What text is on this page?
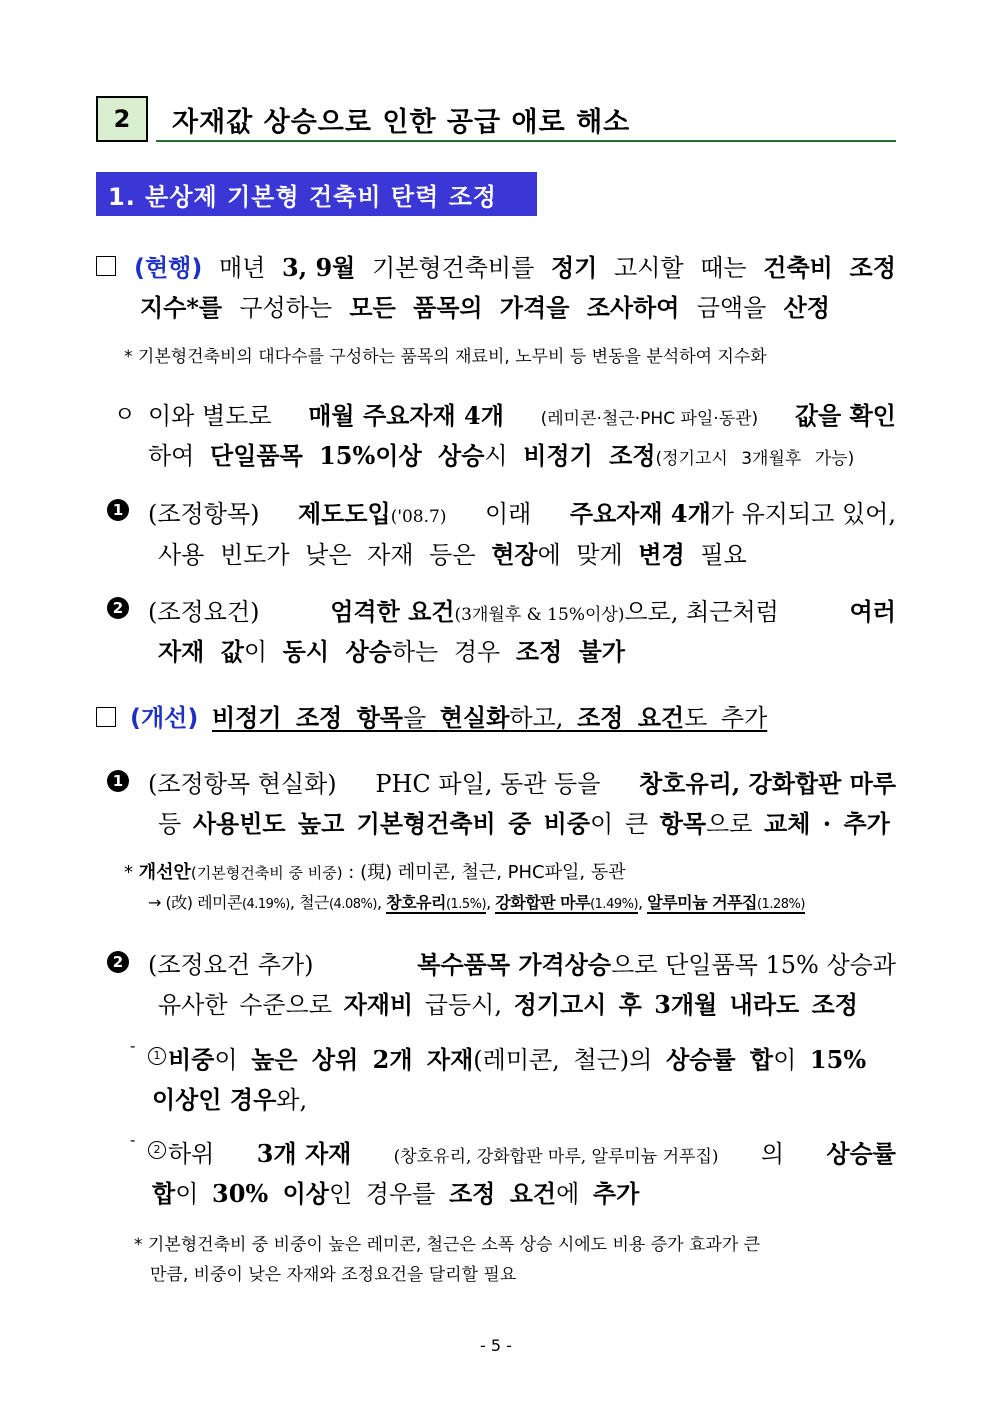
2 자재값 상승으로 인한 공급 애로 해소
1. 분상제 기본형 건축비 탄력 조정
(현행) 매년 3, 9월 기본형건축비를 정기 고시할 때는 건축비 조정
지수*를 구성하는 모든 품목의 가격을 조사하여 금액을 산정
* 기본형건축비의 대다수를 구성하는 품목의 재료비, 노무비 등 변동을 분석하여 지수화
ㅇ 이와 별도로 매월 주요자재 4개 (레미콘·철근·PHC 파일·동관) 값을 확인
하여 단일품목 15%이상 상승시 비정기 조정(정기고시 3개월후 가능)
1 (조정항목) 제도도입('08.7) 이래 주요자재 4개가 유지되고 있어,
사용 빈도가 낮은 자재 등은 현장에 맞게 변경 필요
2 (조정요건)	엄격한 요건(3개월후 & 15%이상)으로, 최근처럼	여러
자재 값이 동시 상승하는 경우 조정 불가
(개선) 비정기 조정 항목을 현실화하고, 조정 요건도 추가
1 (조정항목 현실화) PHC 파일, 동관 등을 창호유리, 강화합판 마루
등 사용빈도 높고 기본형건축비 중 비중이 큰 항목으로 교체 · 추가
* 개선안(기본형건축비 중 비중) : (現) 레미콘, 철근, PHC파일, 동관
→ (改) 레미콘(4.19%), 철근(4.08%), 창호유리(1.5%), 강화합판 마루(1.49%), 알루미늄 거푸집(1.28%)
2 (조정요건 추가)	복수품목 가격상승으로 단일품목 15% 상승과
유사한 수준으로 자재비 급등시, 정기고시 후 3개월 내라도 조정
-
1 비중이 높은 상위 2개 자재(레미콘, 철근)의 상승률 합이 15%
이상인 경우와,
-
2 하위 3개 자재 (창호유리, 강화합판 마루, 알루미늄 거푸집) 의 상승률
합이 30% 이상인 경우를 조정 요건에 추가
* 기본형건축비 중 비중이 높은 레미콘, 철근은 소폭 상승 시에도 비용 증가 효과가 큰
만큼, 비중이 낮은 자재와 조정요건을 달리할 필요
- 5 -
